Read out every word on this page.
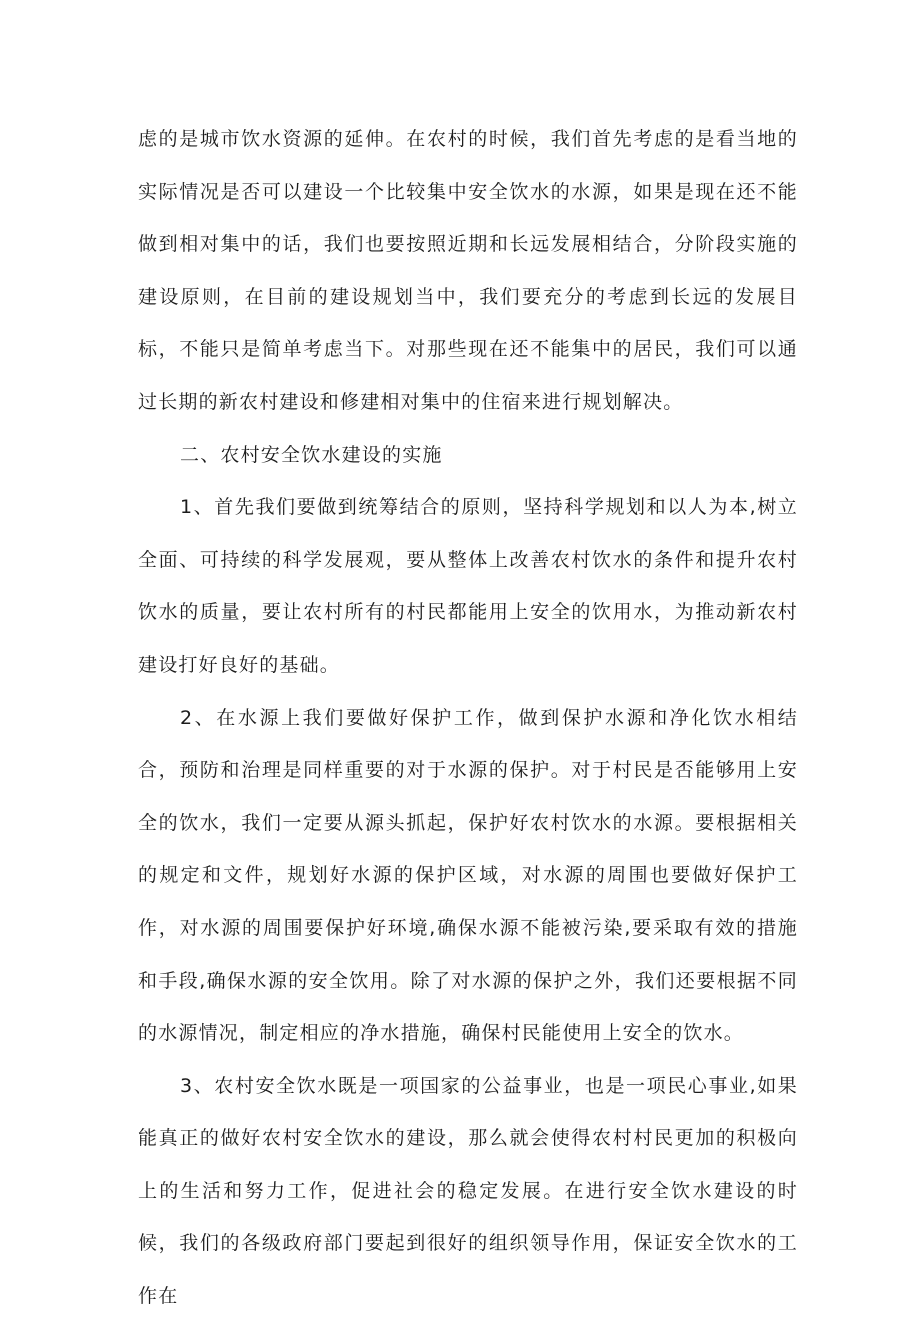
虑的是城市饮水资源的延伸。在农村的时候，我们首先考虑的是看当地的实际情况是否可以建设一个比较集中安全饮水的水源，如果是现在还不能做到相对集中的话，我们也要按照近期和长远发展相结合，分阶段实施的建设原则，在目前的建设规划当中，我们要充分的考虑到长远的发展目标，不能只是简单考虑当下。对那些现在还不能集中的居民，我们可以通过长期的新农村建设和修建相对集中的住宿来进行规划解决。

二、农村安全饮水建设的实施

1、首先我们要做到统筹结合的原则，坚持科学规划和以人为本,树立全面、可持续的科学发展观，要从整体上改善农村饮水的条件和提升农村饮水的质量，要让农村所有的村民都能用上安全的饮用水，为推动新农村建设打好良好的基础。

2、在水源上我们要做好保护工作，做到保护水源和净化饮水相结合，预防和治理是同样重要的对于水源的保护。对于村民是否能够用上安全的饮水，我们一定要从源头抓起，保护好农村饮水的水源。要根据相关的规定和文件，规划好水源的保护区域，对水源的周围也要做好保护工作，对水源的周围要保护好环境,确保水源不能被污染,要采取有效的措施和手段,确保水源的安全饮用。除了对水源的保护之外，我们还要根据不同的水源情况，制定相应的净水措施，确保村民能使用上安全的饮水。

3、农村安全饮水既是一项国家的公益事业，也是一项民心事业,如果能真正的做好农村安全饮水的建设，那么就会使得农村村民更加的积极向上的生活和努力工作，促进社会的稳定发展。在进行安全饮水建设的时候，我们的各级政府部门要起到很好的组织领导作用，保证安全饮水的工作在
